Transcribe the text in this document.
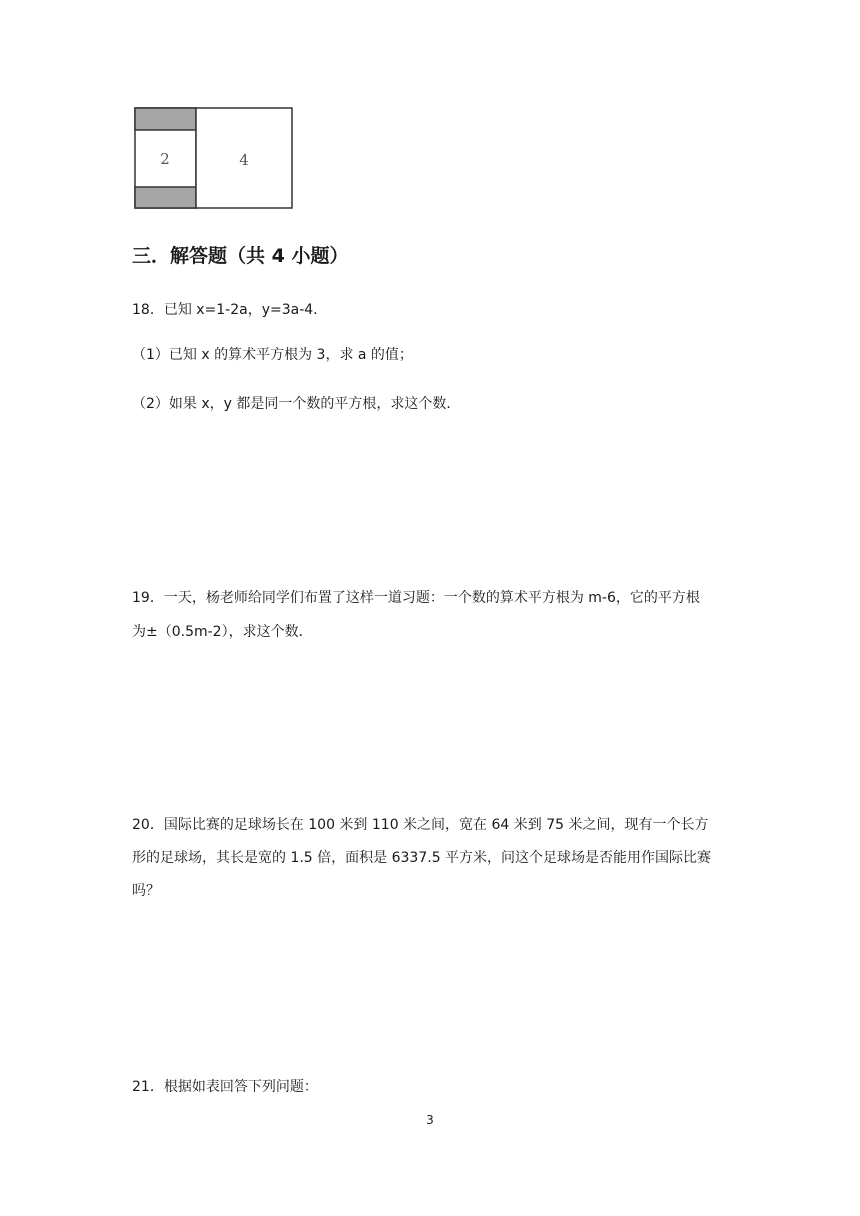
2	4
三．解答题（共 4 小题）
18．已知 x=1-2a，y=3a-4．
（1）已知 x 的算术平方根为 3，求 a 的值；
（2）如果 x，y 都是同一个数的平方根，求这个数．
19．一天，杨老师给同学们布置了这样一道习题：一个数的算术平方根为 m-6，它的平方根
为±（0.5m-2），求这个数．
20．国际比赛的足球场长在 100 米到 110 米之间，宽在 64 米到 75 米之间，现有一个长方
形的足球场，其长是宽的 1.5 倍，面积是 6337.5 平方米，问这个足球场是否能用作国际比赛
吗？
21．根据如表回答下列问题：
3
